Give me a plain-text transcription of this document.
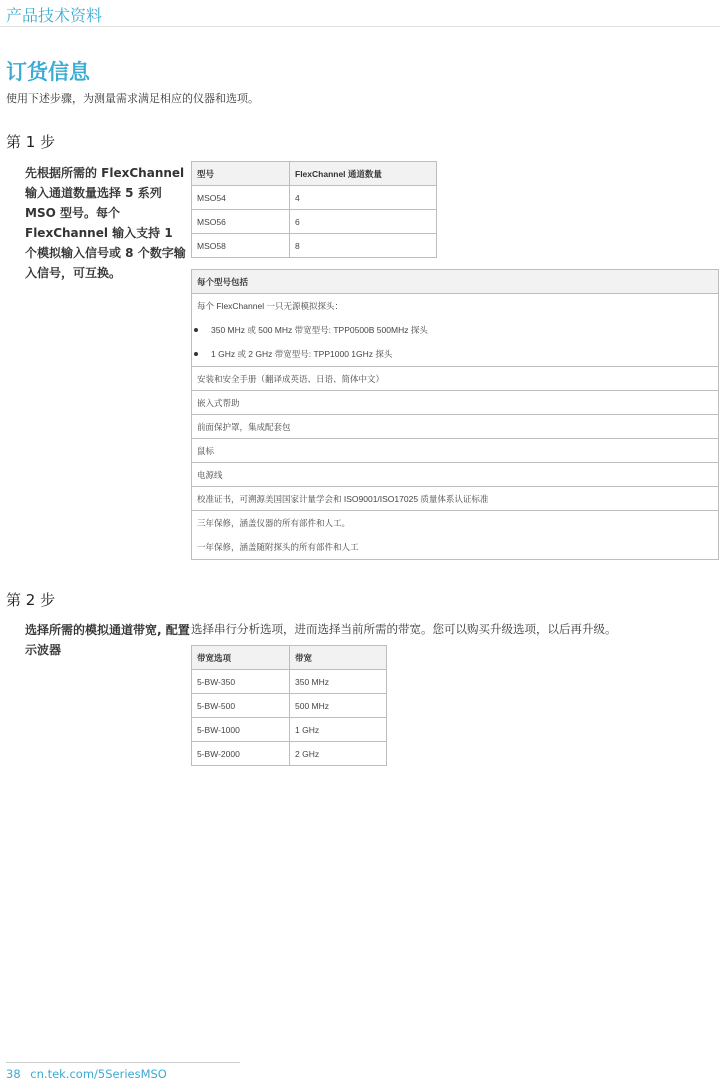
产品技术资料
订货信息
使用下述步骤，为测量需求满足相应的仪器和选项。
第 1 步
先根据所需的 FlexChannel 输入通道数量选择 5 系列 MSO 型号。每个 FlexChannel 输入支持 1 个模拟输入信号或 8 个数字输入信号，可互换。
型号	FlexChannel 通道数量
MSO54	4
MSO56	6
MSO58	8
每个型号包括

每个 FlexChannel 一只无源模拟探头：
350 MHz 或 500 MHz 带宽型号: TPP0500B 500MHz 探头
1 GHz 或 2 GHz 带宽型号: TPP1000 1GHz 探头

安装和安全手册（翻译成英语、日语、简体中文）
嵌入式帮助
前面保护罩，集成配套包
鼠标
电源线
校准证书，可溯源美国国家计量学会和 ISO9001/ISO17025 质量体系认证标准

三年保修，涵盖仪器的所有部件和人工。
一年保修，涵盖随附探头的所有部件和人工
第 2 步
选择所需的模拟通道带宽, 配置示波器
选择串行分析选项，进而选择当前所需的带宽。您可以购买升级选项，以后再升级。
带宽选项	带宽
5-BW-350	350 MHz
5-BW-500	500 MHz
5-BW-1000	1 GHz
5-BW-2000	2 GHz
38 cn.tek.com/5SeriesMSO
